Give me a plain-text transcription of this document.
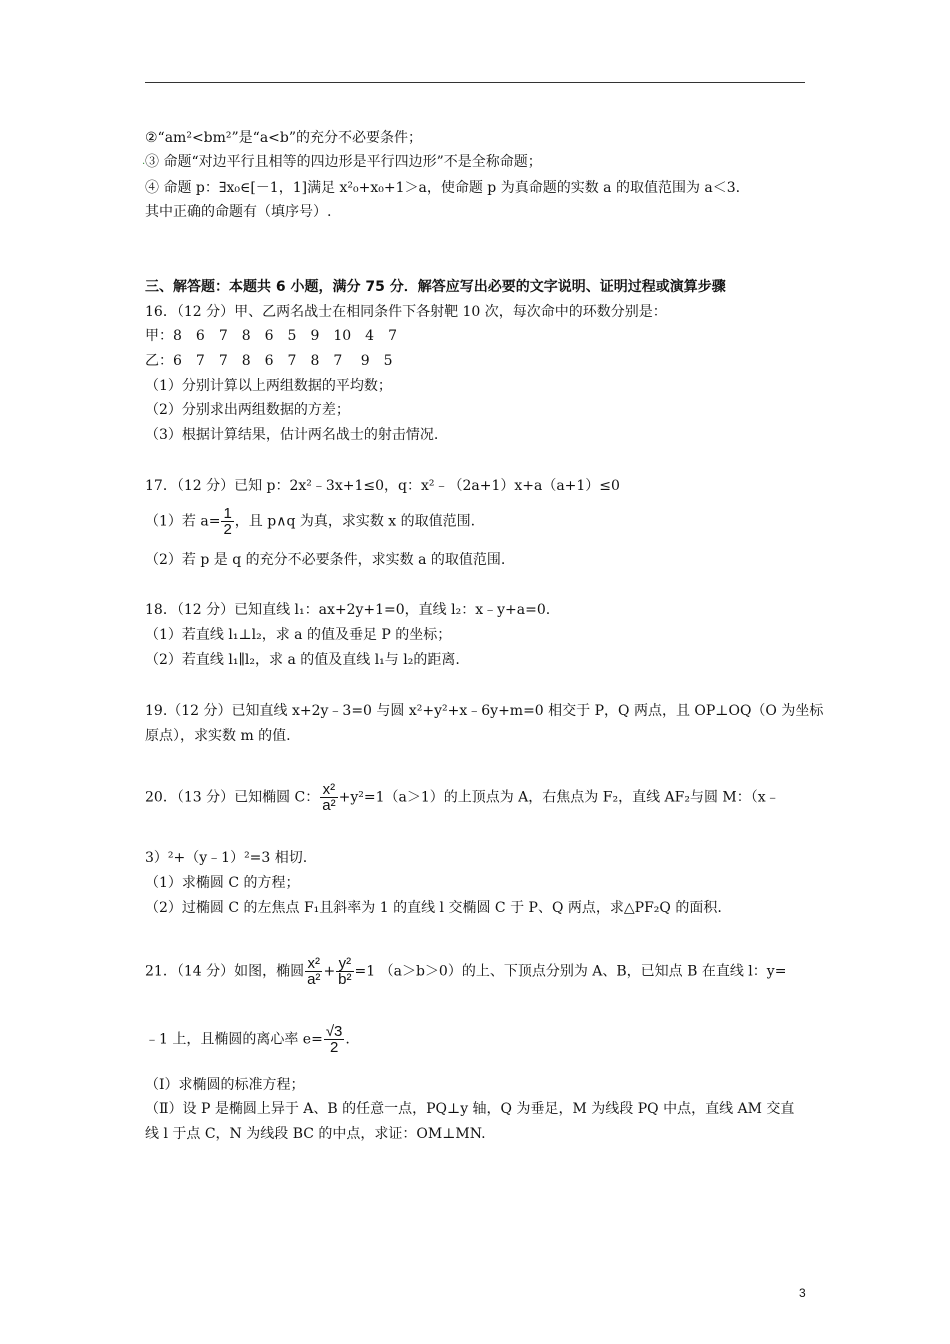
.
②“am²<bm²”是“a<b”的充分不必要条件；
③ 命题“对边平行且相等的四边形是平行四边形”不是全称命题；
④ 命题 p：∃x₀∈[－1，1]满足 x²₀+x₀+1＞a，使命题 p 为真命题的实数 a 的取值范围为 a＜3.
其中正确的命题有（填序号）.
三、解答题：本题共 6 小题，满分 75 分．解答应写出必要的文字说明、证明过程或演算步骤
16．（12 分）甲、乙两名战士在相同条件下各射靶 10 次，每次命中的环数分别是：
甲：8　6　7　8　6　5　9　10　4　7
乙：6　7　7　8　6　7　8　7　 9　5
（1）分别计算以上两组数据的平均数；
（2）分别求出两组数据的方差；
（3）根据计算结果，估计两名战士的射击情况.
17．（12 分）已知 p：2x²﹣3x+1≤0，q：x²﹣（2a+1）x+a（a+1）≤0
（1）若 $a= \frac{1}{2}$ ，且 p∧q 为真，求实数 x 的取值范围.
（2）若 p 是 q 的充分不必要条件，求实数 a 的取值范围.
18．（12 分）已知直线 l₁：ax+2y+1=0，直线 l₂：x﹣y+a=0.
（1）若直线 l₁⊥l₂，求 a 的值及垂足 P 的坐标；
（2）若直线 l₁∥l₂，求 a 的值及直线 l₁与 l₂的距离.
19.（12 分）已知直线 x+2y﹣3=0 与圆 x²+y²+x﹣6y+m=0 相交于 P，Q 两点，且 OP⊥OQ（O 为坐标
原点），求实数 m 的值.
20．（13 分）已知椭圆 C： $\frac{\text{x²}}{\text{a²}} +y^2=1(a>1)$的上顶点为 A，右焦点为 F₂，直线 AF₂与圆 M：（x﹣
3）²+（y﹣1）²=3 相切.
（1）求椭圆 C 的方程；
（2）过椭圆 C 的左焦点 F₁且斜率为 1 的直线 l 交椭圆 C 于 P、Q 两点，求△PF₂Q 的面积.
21．（14 分）如图，椭圆 $\frac{\text{x²}}{\text{a²}} + \frac{\text{y²}}{\text{b²}} =1$ （a＞b＞0）的上、下顶点分别为 A、B，已知点 B 在直线 l：y=
﹣1 上，且椭圆的离心率 $e= \frac{√3}{2}$ .
（Ⅰ）求椭圆的标准方程；
（Ⅱ）设 P 是椭圆上异于 A、B 的任意一点，PQ⊥y 轴，Q 为垂足，M 为线段 PQ 中点，直线 AM 交直
线 l 于点 C，N 为线段 BC 的中点，求证：OM⊥MN.
3
